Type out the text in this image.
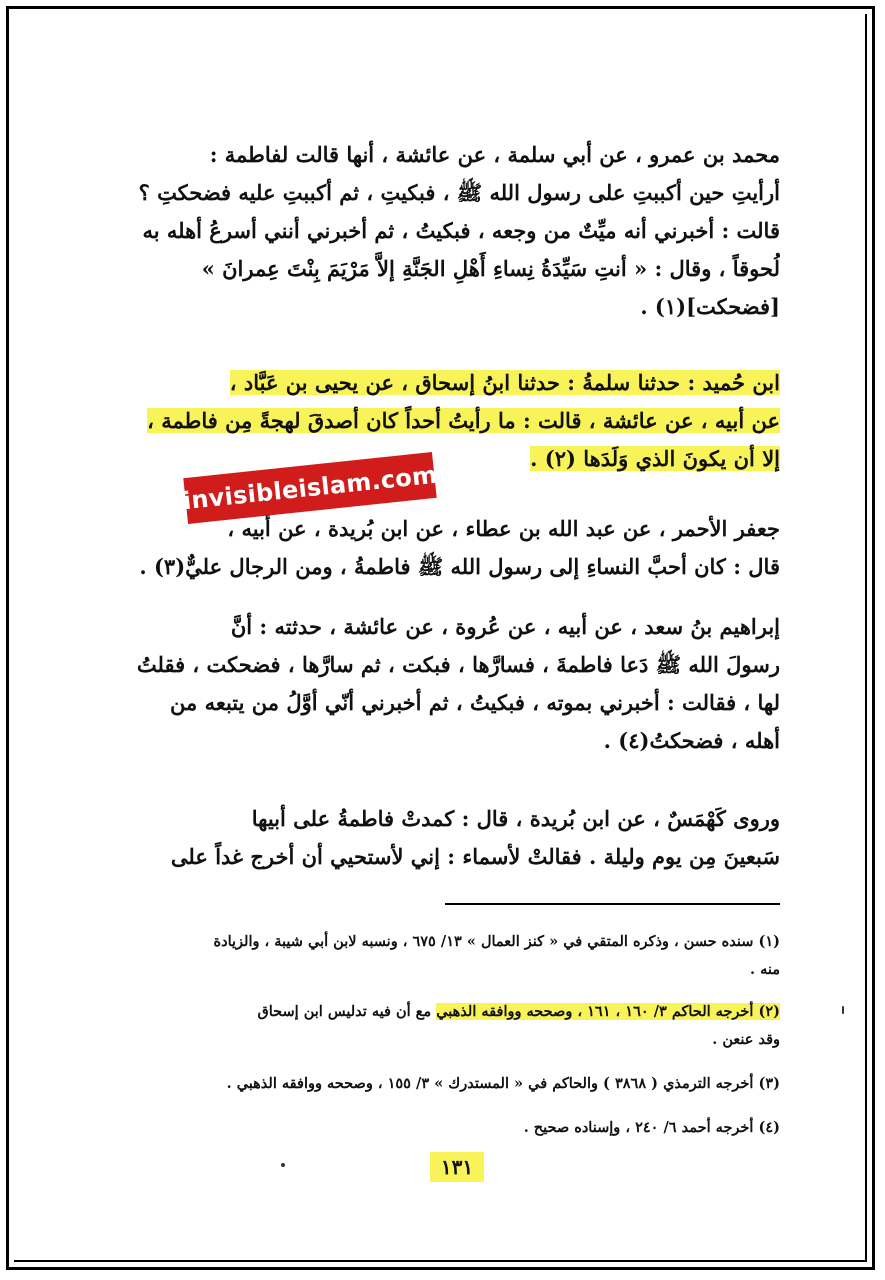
محمد بن عمرو ، عن أبي سلمة ، عن عائشة ، أنها قالت لفاطمة :
أرأيتِ حين أكببتِ على رسول الله ﷺ ، فبكيتِ ، ثم أكببتِ عليه فضحكتِ ؟
قالت : أخبرني أنه ميِّتٌ من وجعه ، فبكيتُ ، ثم أخبرني أنني أسرعُ أهله به
لُحوقاً ، وقال : « أنتِ سَيِّدَةُ نِساءِ أَهْلِ الجَنَّةِ إلاَّ مَرْيَمَ بِنْتَ عِمرانَ »
[فضحكت](١) .
ابن حُميد : حدثنا سلمةُ : حدثنا ابنُ إسحاق ، عن يحيى بن عَبَّاد ،
عن أبيه ، عن عائشة ، قالت : ما رأيتُ أحداً كان أصدقَ لهجةً مِن فاطمة ،
إلا أن يكونَ الذي وَلَدَها (٢) .
جعفر الأحمر ، عن عبد الله بن عطاء ، عن ابن بُريدة ، عن أبيه ،
قال : كان أحبَّ النساءِ إلى رسول الله ﷺ فاطمةُ ، ومن الرجال عليٌّ(٣) .
إبراهيم بنُ سعد ، عن أبيه ، عن عُروة ، عن عائشة ، حدثته : أنَّ
رسولَ الله ﷺ دَعا فاطمةَ ، فسارَّها ، فبكت ، ثم سارَّها ، فضحكت ، فقلتُ
لها ، فقالت : أخبرني بموته ، فبكيتُ ، ثم أخبرني أنّي أوَّلُ من يتبعه من
أهله ، فضحكتُ(٤) .
وروى كَهْمَسٌ ، عن ابن بُريدة ، قال : كمدتْ فاطمةُ على أبيها
سَبعينَ مِن يوم وليلة . فقالتْ لأسماء : إني لأستحيي أن أخرج غداً على
invisibleislam.com
(١) سنده حسن ، وذكره المتقي في « كنز العمال » ١٣/ ٦٧٥ ، ونسبه لابن أبي شيبة ، والزيادة
منه .
(٢) أخرجه الحاكم ٣/ ١٦٠ ، ١٦١ ، وصححه ووافقه الذهبي مع أن فيه تدليس ابن إسحاق
وقد عنعن .
(٣) أخرجه الترمذي ( ٣٨٦٨ ) والحاكم في « المستدرك » ٣/ ١٥٥ ، وصححه ووافقه الذهبي .
(٤) أخرجه أحمد ٦/ ٢٤٠ ، وإسناده صحيح .
١٣١
